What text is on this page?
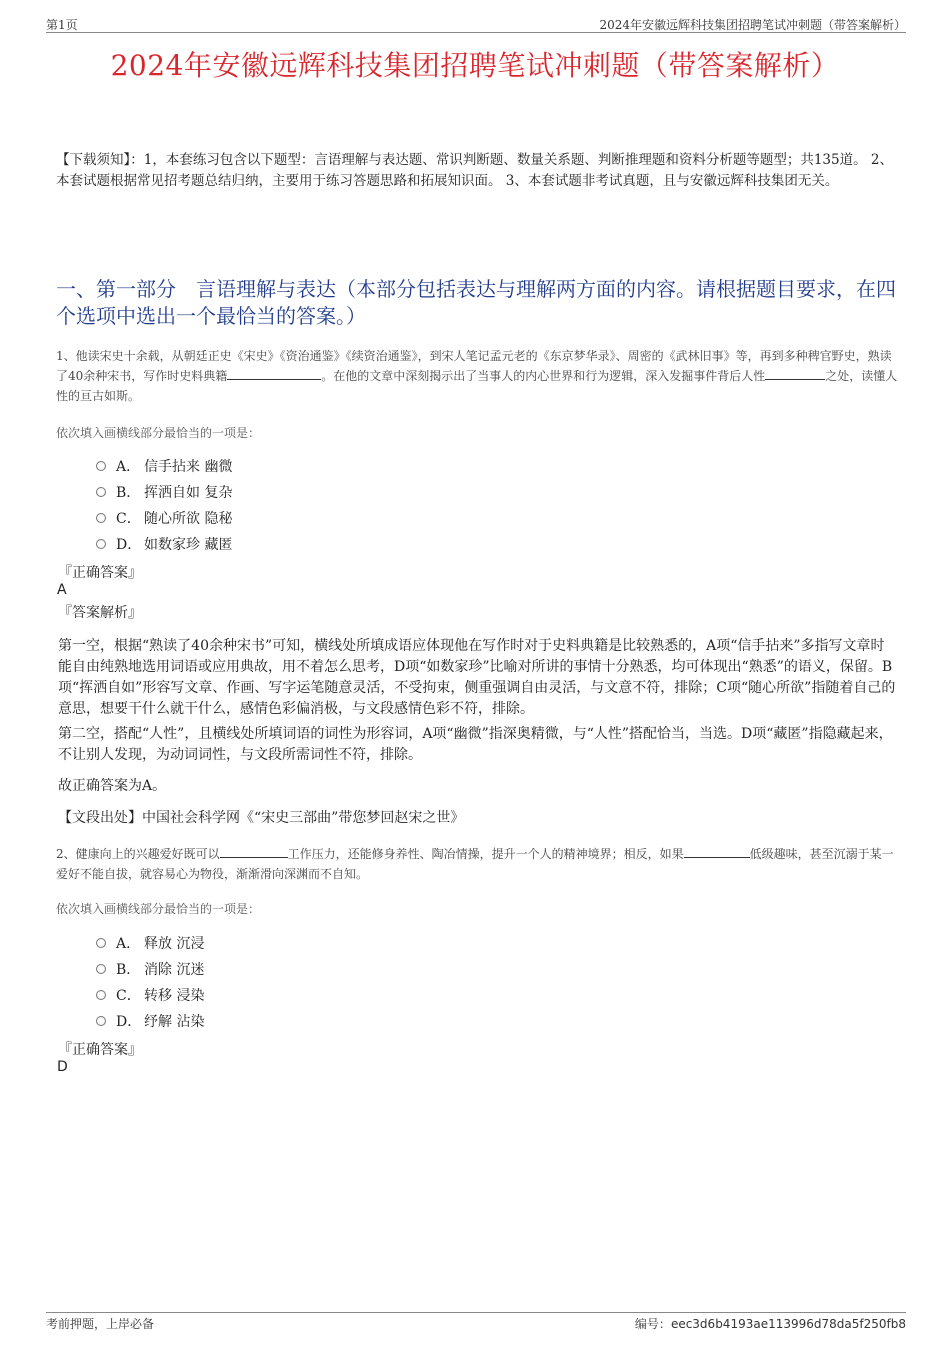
第1页	2024年安徽远辉科技集团招聘笔试冲刺题（带答案解析）
2024年安徽远辉科技集团招聘笔试冲刺题（带答案解析）
【下载须知】：1，本套练习包含以下题型：言语理解与表达题、常识判断题、数量关系题、判断推理题和资料分析题等题型；共135道。 2、本套试题根据常见招考题总结归纳，主要用于练习答题思路和拓展知识面。 3、本套试题非考试真题，且与安徽远辉科技集团无关。
一、第一部分　言语理解与表达（本部分包括表达与理解两方面的内容。请根据题目要求，在四个选项中选出一个最恰当的答案。）
1、他读宋史十余载，从朝廷正史《宋史》《资治通鉴》《续资治通鉴》，到宋人笔记孟元老的《东京梦华录》、周密的《武林旧事》等，再到多种稗官野史，熟读了40余种宋书，写作时史料典籍	。在他的文章中深刻揭示出了当事人的内心世界和行为逻辑，深入发掘事件背后人性	之处，读懂人性的亘古如斯。
依次填入画横线部分最恰当的一项是：
A． 信手拈来 幽微
B． 挥洒自如 复杂
C． 随心所欲 隐秘
D． 如数家珍 藏匿
『正确答案』
A
『答案解析』
第一空，根据“熟读了40余种宋书”可知，横线处所填成语应体现他在写作时对于史料典籍是比较熟悉的，A项“信手拈来”多指写文章时能自由纯熟地选用词语或应用典故，用不着怎么思考，D项“如数家珍”比喻对所讲的事情十分熟悉，均可体现出“熟悉”的语义，保留。B项“挥洒自如”形容写文章、作画、写字运笔随意灵活，不受拘束，侧重强调自由灵活，与文意不符，排除；C项“随心所欲”指随着自己的意思，想要干什么就干什么，感情色彩偏消极，与文段感情色彩不符，排除。
第二空，搭配“人性”，且横线处所填词语的词性为形容词，A项“幽微”指深奥精微，与“人性”搭配恰当，当选。D项“藏匿”指隐藏起来，不让别人发现，为动词词性，与文段所需词性不符，排除。
故正确答案为A。
【文段出处】中国社会科学网《“宋史三部曲”带您梦回赵宋之世》
2、健康向上的兴趣爱好既可以	工作压力，还能修身养性、陶冶情操，提升一个人的精神境界；相反，如果	低级趣味，甚至沉溺于某一爱好不能自拔，就容易心为物役，渐渐滑向深渊而不自知。
依次填入画横线部分最恰当的一项是：
A． 释放 沉浸
B． 消除 沉迷
C． 转移 浸染
D． 纾解 沾染
『正确答案』
D
考前押题，上岸必备	编号：eec3d6b4193ae113996d78da5f250fb8
